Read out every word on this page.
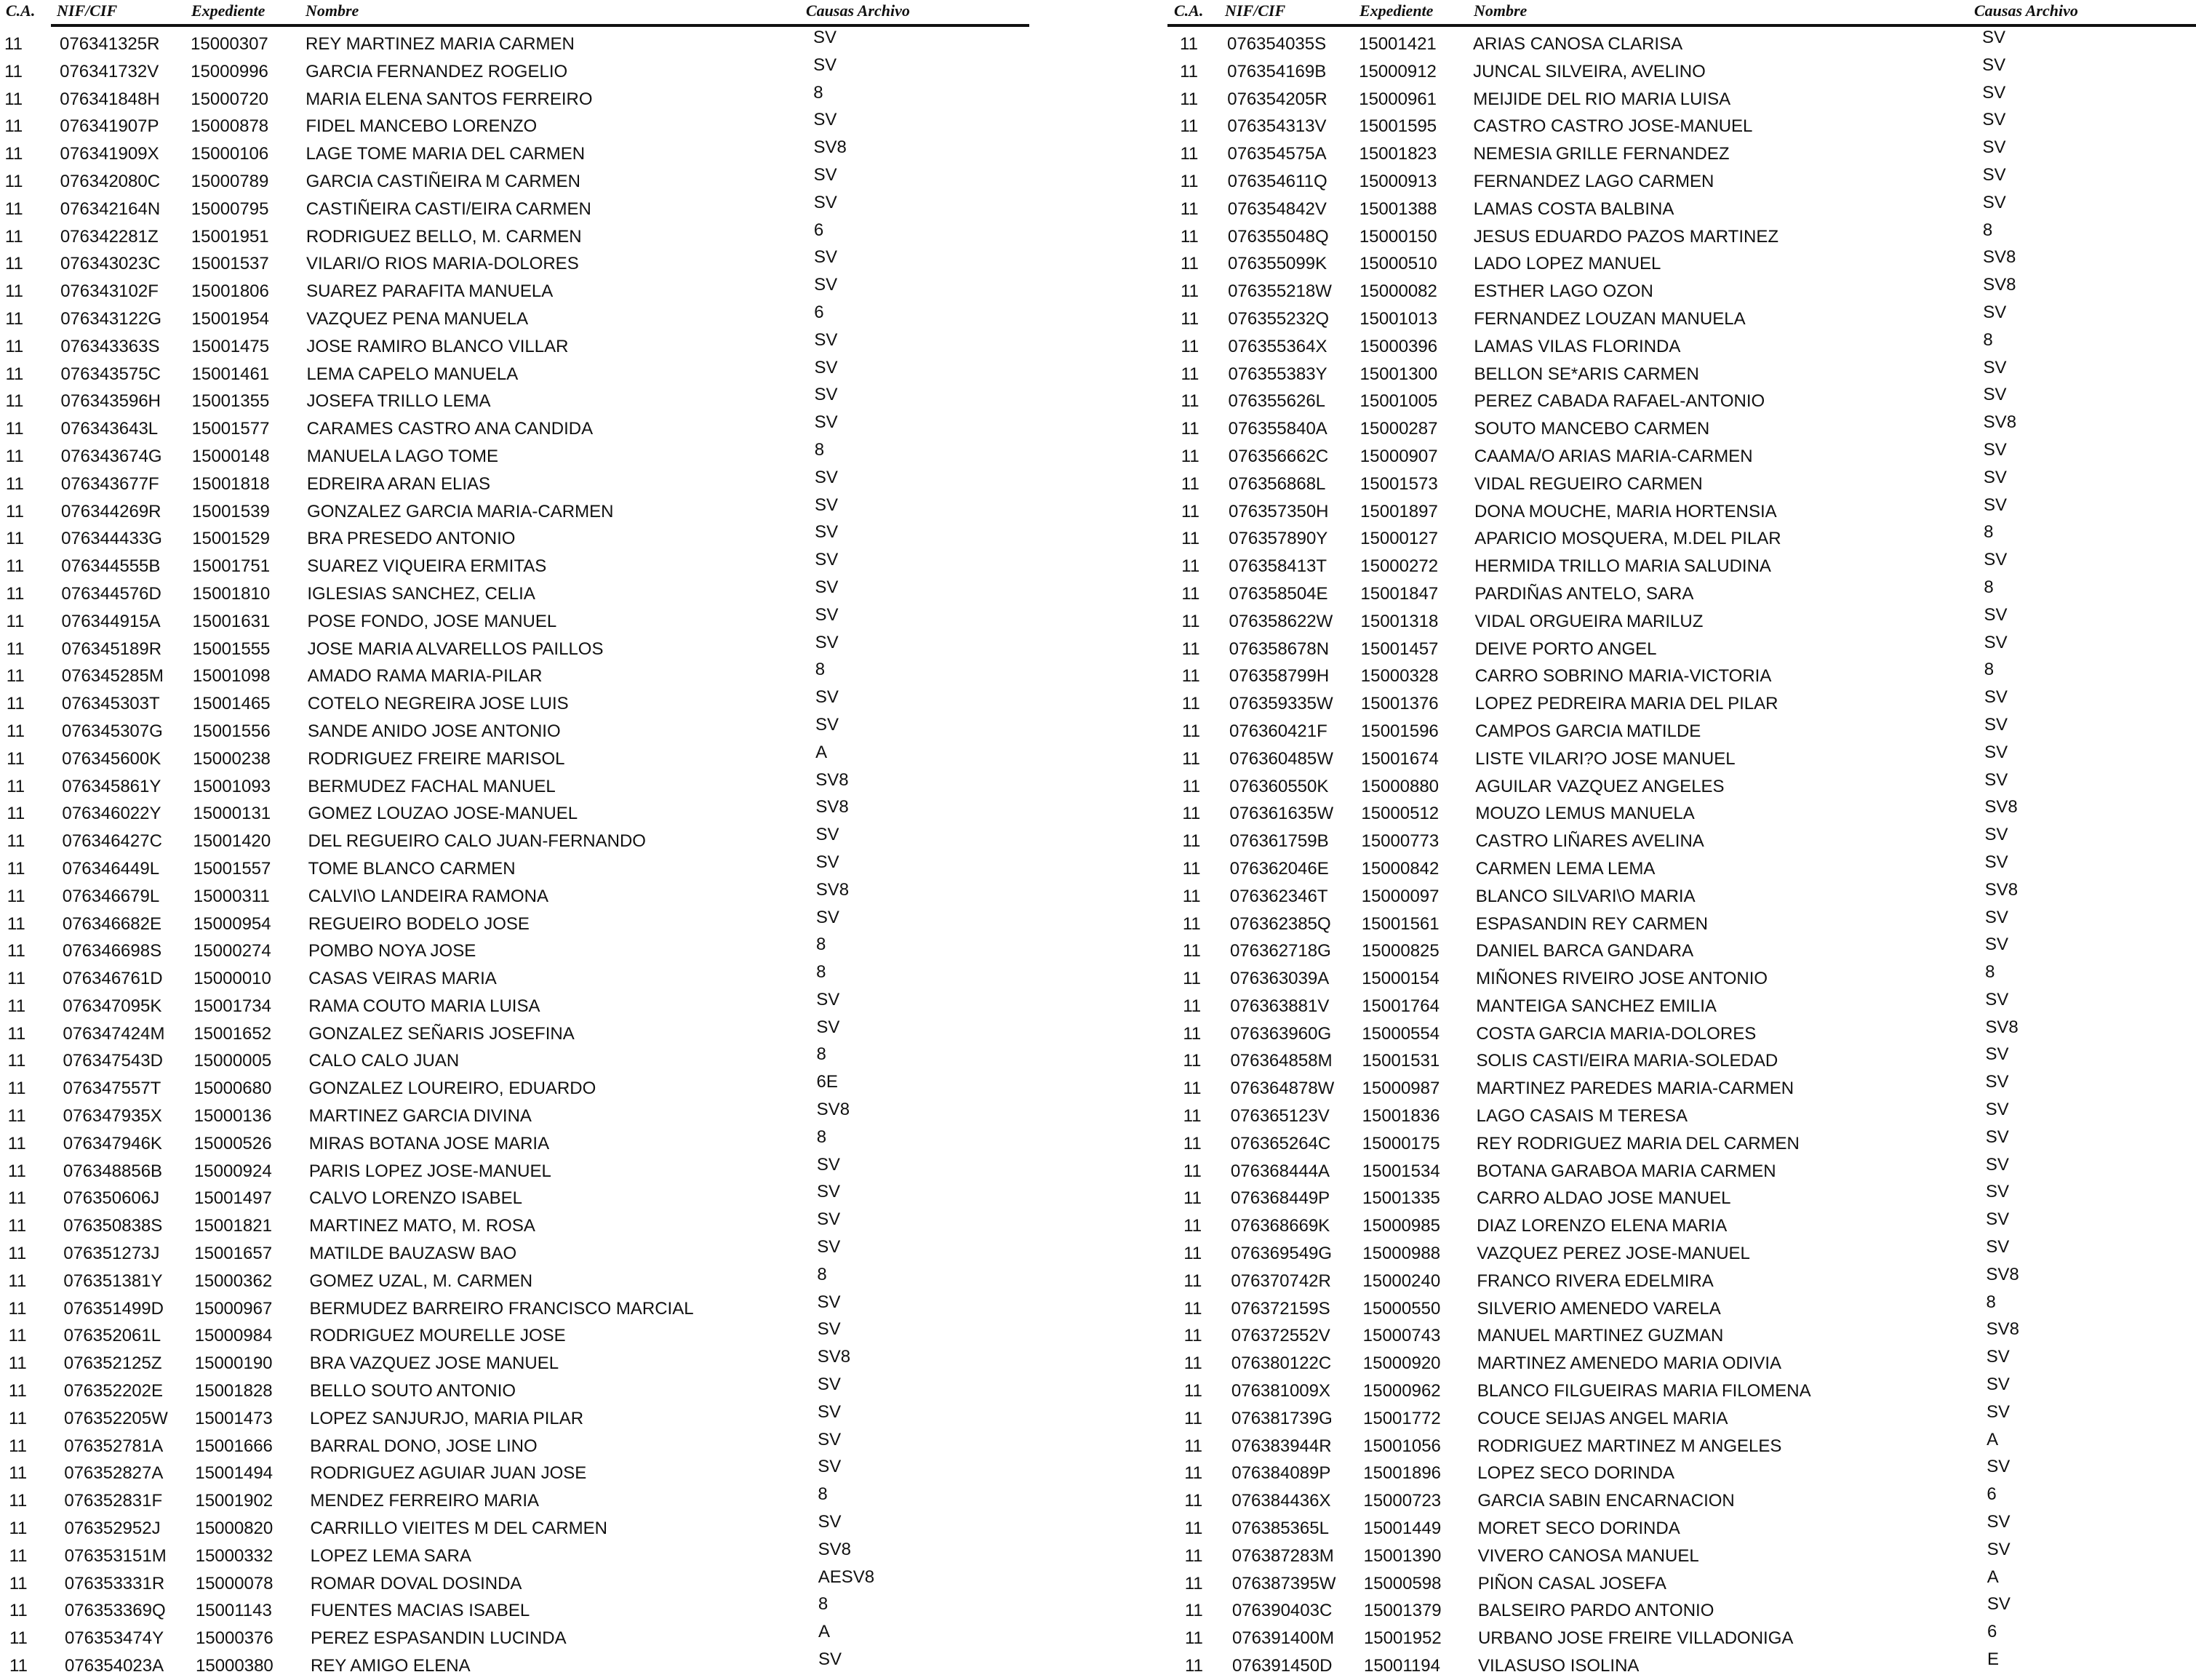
C.A. NIF/CIF	Expediente	Nombre	Causas Archivo
11 076341325R 15000307 REY MARTINEZ MARIA CARMEN	SV
11 076341732V 15000996 GARCIA FERNANDEZ ROGELIO	SV
11 076341848H 15000720 MARIA ELENA SANTOS FERREIRO	8
11 076341907P 15000878 FIDEL MANCEBO LORENZO	SV
11 076341909X 15000106 LAGE TOME MARIA DEL CARMEN	SV8
11 076342080C 15000789 GARCIA CASTIÑEIRA M CARMEN	SV
11 076342164N 15000795 CASTIÑEIRA CASTI/EIRA CARMEN	SV
11 076342281Z 15001951 RODRIGUEZ BELLO, M. CARMEN	6
11 076343023C 15001537 VILARI/O RIOS MARIA-DOLORES	SV
11 076343102F 15001806 SUAREZ PARAFITA MANUELA	SV
11 076343122G 15001954 VAZQUEZ PENA MANUELA	6
11 076343363S 15001475 JOSE RAMIRO BLANCO VILLAR	SV
11 076343575C 15001461 LEMA CAPELO MANUELA	SV
11 076343596H 15001355 JOSEFA TRILLO LEMA	SV
11 076343643L 15001577 CARAMES CASTRO ANA CANDIDA	SV
11 076343674G 15000148 MANUELA LAGO TOME	8
11 076343677F 15001818 EDREIRA ARAN ELIAS	SV
11 076344269R 15001539 GONZALEZ GARCIA MARIA-CARMEN	SV
11 076344433G 15001529 BRA PRESEDO ANTONIO	SV
11 076344555B 15001751 SUAREZ VIQUEIRA ERMITAS	SV
11 076344576D 15001810 IGLESIAS SANCHEZ, CELIA	SV
11 076344915A 15001631 POSE FONDO, JOSE MANUEL	SV
11 076345189R 15001555 JOSE MARIA ALVARELLOS PAILLOS	SV
11 076345285M 15001098 AMADO RAMA MARIA-PILAR	8
11 076345303T 15001465 COTELO NEGREIRA JOSE LUIS	SV
11 076345307G 15001556 SANDE ANIDO JOSE ANTONIO	SV
11 076345600K 15000238 RODRIGUEZ FREIRE MARISOL	A
11 076345861Y 15001093 BERMUDEZ FACHAL MANUEL	SV8
11 076346022Y 15000131 GOMEZ LOUZAO JOSE-MANUEL	SV8
11 076346427C 15001420 DEL REGUEIRO CALO JUAN-FERNANDO	SV
11 076346449L 15001557 TOME BLANCO CARMEN	SV
11 076346679L 15000311 CALVI\O LANDEIRA RAMONA	SV8
11 076346682E 15000954 REGUEIRO BODELO JOSE	SV
11 076346698S 15000274 POMBO NOYA JOSE	8
11 076346761D 15000010 CASAS VEIRAS MARIA	8
11 076347095K 15001734 RAMA COUTO MARIA LUISA	SV
11 076347424M 15001652 GONZALEZ SEÑARIS JOSEFINA	SV
11 076347543D 15000005 CALO CALO JUAN	8
11 076347557T 15000680 GONZALEZ LOUREIRO, EDUARDO	6E
11 076347935X 15000136 MARTINEZ GARCIA DIVINA	SV8
11 076347946K 15000526 MIRAS BOTANA JOSE MARIA	8
11 076348856B 15000924 PARIS LOPEZ JOSE-MANUEL	SV
11 076350606J 15001497 CALVO LORENZO ISABEL	SV
11 076350838S 15001821 MARTINEZ MATO, M. ROSA	SV
11 076351273J 15001657 MATILDE BAUZASW BAO	SV
11 076351381Y 15000362 GOMEZ UZAL, M. CARMEN	8
11 076351499D 15000967 BERMUDEZ BARREIRO FRANCISCO MARCIAL	SV
11 076352061L 15000984 RODRIGUEZ MOURELLE JOSE	SV
11 076352125Z 15000190 BRA VAZQUEZ JOSE MANUEL	SV8
11 076352202E 15001828 BELLO SOUTO ANTONIO	SV
11 076352205W 15001473 LOPEZ SANJURJO, MARIA PILAR	SV
11 076352781A 15001666 BARRAL DONO, JOSE LINO	SV
11 076352827A 15001494 RODRIGUEZ AGUIAR JUAN JOSE	SV
11 076352831F 15001902 MENDEZ FERREIRO MARIA	8
11 076352952J 15000820 CARRILLO VIEITES M DEL CARMEN	SV
11 076353151M 15000332 LOPEZ LEMA SARA	SV8
11 076353331R 15000078 ROMAR DOVAL DOSINDA	AESV8
11 076353369Q 15001143 FUENTES MACIAS ISABEL	8
11 076353474Y 15000376 PEREZ ESPASANDIN LUCINDA	A
11 076354023A 15000380 REY AMIGO ELENA	SV
C.A. NIF/CIF	Expediente	Nombre	Causas Archivo
11 076354035S 15001421 ARIAS CANOSA CLARISA	SV
11 076354169B 15000912 JUNCAL SILVEIRA, AVELINO	SV
11 076354205R 15000961 MEIJIDE DEL RIO MARIA LUISA	SV
11 076354313V 15001595 CASTRO CASTRO JOSE-MANUEL	SV
11 076354575A 15001823 NEMESIA GRILLE FERNANDEZ	SV
11 076354611Q 15000913 FERNANDEZ LAGO CARMEN	SV
11 076354842V 15001388 LAMAS COSTA BALBINA	SV
11 076355048Q 15000150 JESUS EDUARDO PAZOS MARTINEZ	8
11 076355099K 15000510 LADO LOPEZ MANUEL	SV8
11 076355218W 15000082 ESTHER LAGO OZON	SV8
11 076355232Q 15001013 FERNANDEZ LOUZAN MANUELA	SV
11 076355364X 15000396 LAMAS VILAS FLORINDA	8
11 076355383Y 15001300 BELLON SE*ARIS CARMEN	SV
11 076355626L 15001005 PEREZ CABADA RAFAEL-ANTONIO	SV
11 076355840A 15000287 SOUTO MANCEBO CARMEN	SV8
11 076356662C 15000907 CAAMA/O ARIAS MARIA-CARMEN	SV
11 076356868L 15001573 VIDAL REGUEIRO CARMEN	SV
11 076357350H 15001897 DONA MOUCHE, MARIA HORTENSIA	SV
11 076357890Y 15000127 APARICIO MOSQUERA, M.DEL PILAR	8
11 076358413T 15000272 HERMIDA TRILLO MARIA SALUDINA	SV
11 076358504E 15001847 PARDIÑAS ANTELO, SARA	8
11 076358622W 15001318 VIDAL ORGUEIRA MARILUZ	SV
11 076358678N 15001457 DEIVE PORTO ANGEL	SV
11 076358799H 15000328 CARRO SOBRINO MARIA-VICTORIA	8
11 076359335W 15001376 LOPEZ PEDREIRA MARIA DEL PILAR	SV
11 076360421F 15001596 CAMPOS GARCIA MATILDE	SV
11 076360485W 15001674 LISTE VILARI?O JOSE MANUEL	SV
11 076360550K 15000880 AGUILAR VAZQUEZ ANGELES	SV
11 076361635W 15000512 MOUZO LEMUS MANUELA	SV8
11 076361759B 15000773 CASTRO LIÑARES AVELINA	SV
11 076362046E 15000842 CARMEN LEMA LEMA	SV
11 076362346T 15000097 BLANCO SILVARI\O MARIA	SV8
11 076362385Q 15001561 ESPASANDIN REY CARMEN	SV
11 076362718G 15000825 DANIEL BARCA GANDARA	SV
11 076363039A 15000154 MIÑONES RIVEIRO JOSE ANTONIO	8
11 076363881V 15001764 MANTEIGA SANCHEZ EMILIA	SV
11 076363960G 15000554 COSTA GARCIA MARIA-DOLORES	SV8
11 076364858M 15001531 SOLIS CASTI/EIRA MARIA-SOLEDAD	SV
11 076364878W 15000987 MARTINEZ PAREDES MARIA-CARMEN	SV
11 076365123V 15001836 LAGO CASAIS M TERESA	SV
11 076365264C 15000175 REY RODRIGUEZ MARIA DEL CARMEN	SV
11 076368444A 15001534 BOTANA GARABOA MARIA CARMEN	SV
11 076368449P 15001335 CARRO ALDAO JOSE MANUEL	SV
11 076368669K 15000985 DIAZ LORENZO ELENA MARIA	SV
11 076369549G 15000988 VAZQUEZ PEREZ JOSE-MANUEL	SV
11 076370742R 15000240 FRANCO RIVERA EDELMIRA	SV8
11 076372159S 15000550 SILVERIO AMENEDO VARELA	8
11 076372552V 15000743 MANUEL MARTINEZ GUZMAN	SV8
11 076380122C 15000920 MARTINEZ AMENEDO MARIA ODIVIA	SV
11 076381009X 15000962 BLANCO FILGUEIRAS MARIA FILOMENA	SV
11 076381739G 15001772 COUCE SEIJAS ANGEL MARIA	SV
11 076383944R 15001056 RODRIGUEZ MARTINEZ M ANGELES	A
11 076384089P 15001896 LOPEZ SECO DORINDA	SV
11 076384436X 15000723 GARCIA SABIN ENCARNACION	6
11 076385365L 15001449 MORET SECO DORINDA	SV
11 076387283M 15001390 VIVERO CANOSA MANUEL	SV
11 076387395W 15000598 PIÑON CASAL JOSEFA	A
11 076390403C 15001379 BALSEIRO PARDO ANTONIO	SV
11 076391400M 15001952 URBANO JOSE FREIRE VILLADONIGA	6
11 076391450D 15001194 VILASUSO ISOLINA	E
